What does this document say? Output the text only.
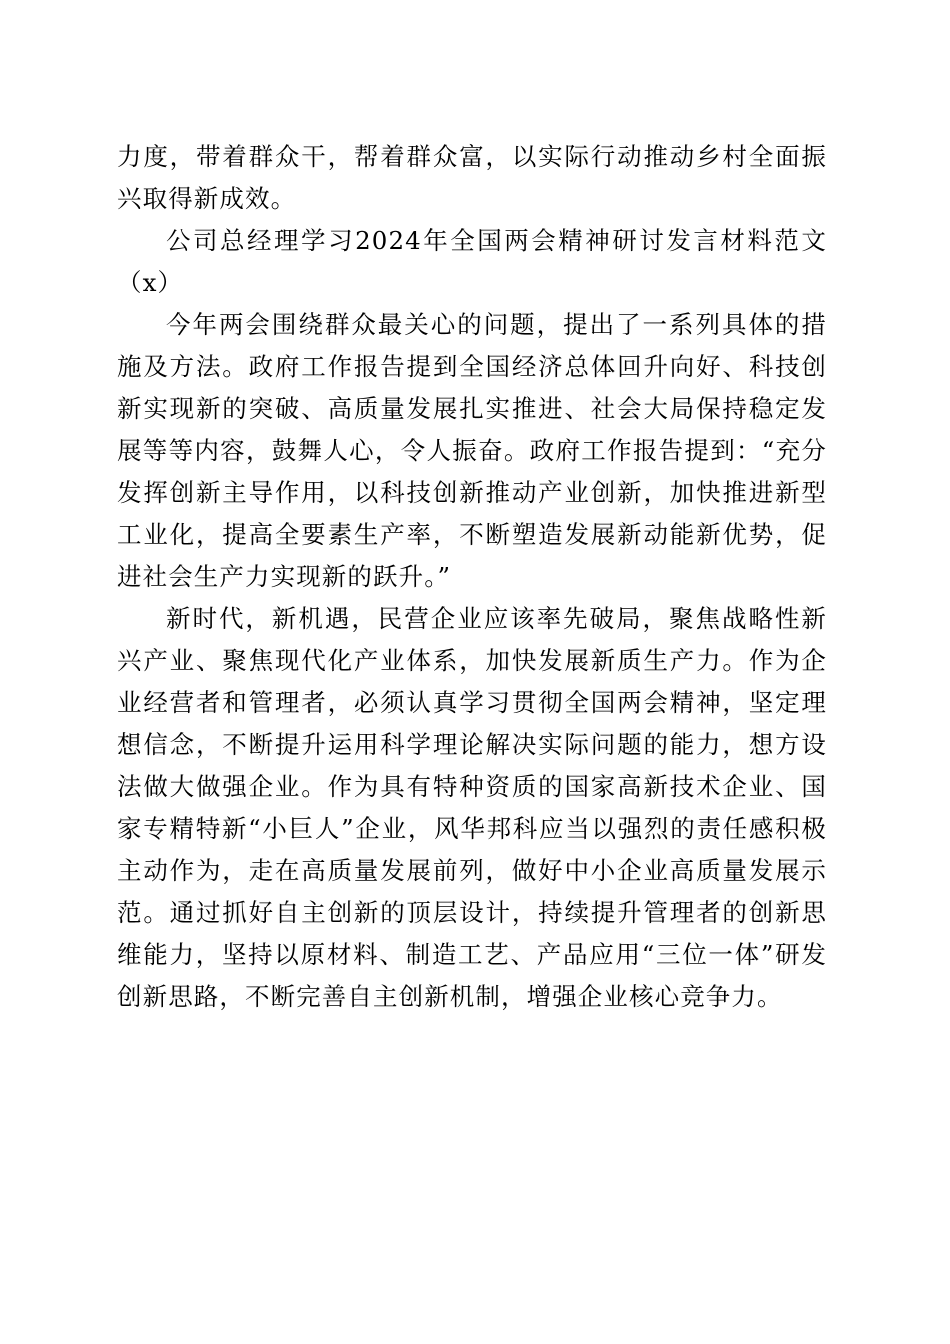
力度，带着群众干，帮着群众富，以实际行动推动乡村全面振兴取得新成效。

公司总经理学习2024年全国两会精神研讨发言材料范文（x）

今年两会围绕群众最关心的问题，提出了一系列具体的措施及方法。政府工作报告提到全国经济总体回升向好、科技创新实现新的突破、高质量发展扎实推进、社会大局保持稳定发展等等内容，鼓舞人心，令人振奋。政府工作报告提到：“充分发挥创新主导作用，以科技创新推动产业创新，加快推进新型工业化，提高全要素生产率，不断塑造发展新动能新优势，促进社会生产力实现新的跃升。”

新时代，新机遇，民营企业应该率先破局，聚焦战略性新兴产业、聚焦现代化产业体系，加快发展新质生产力。作为企业经营者和管理者，必须认真学习贯彻全国两会精神，坚定理想信念，不断提升运用科学理论解决实际问题的能力，想方设法做大做强企业。作为具有特种资质的国家高新技术企业、国家专精特新“小巨人”企业，风华邦科应当以强烈的责任感积极主动作为，走在高质量发展前列，做好中小企业高质量发展示范。通过抓好自主创新的顶层设计，持续提升管理者的创新思维能力，坚持以原材料、制造工艺、产品应用“三位一体”研发创新思路，不断完善自主创新机制，增强企业核心竞争力。
